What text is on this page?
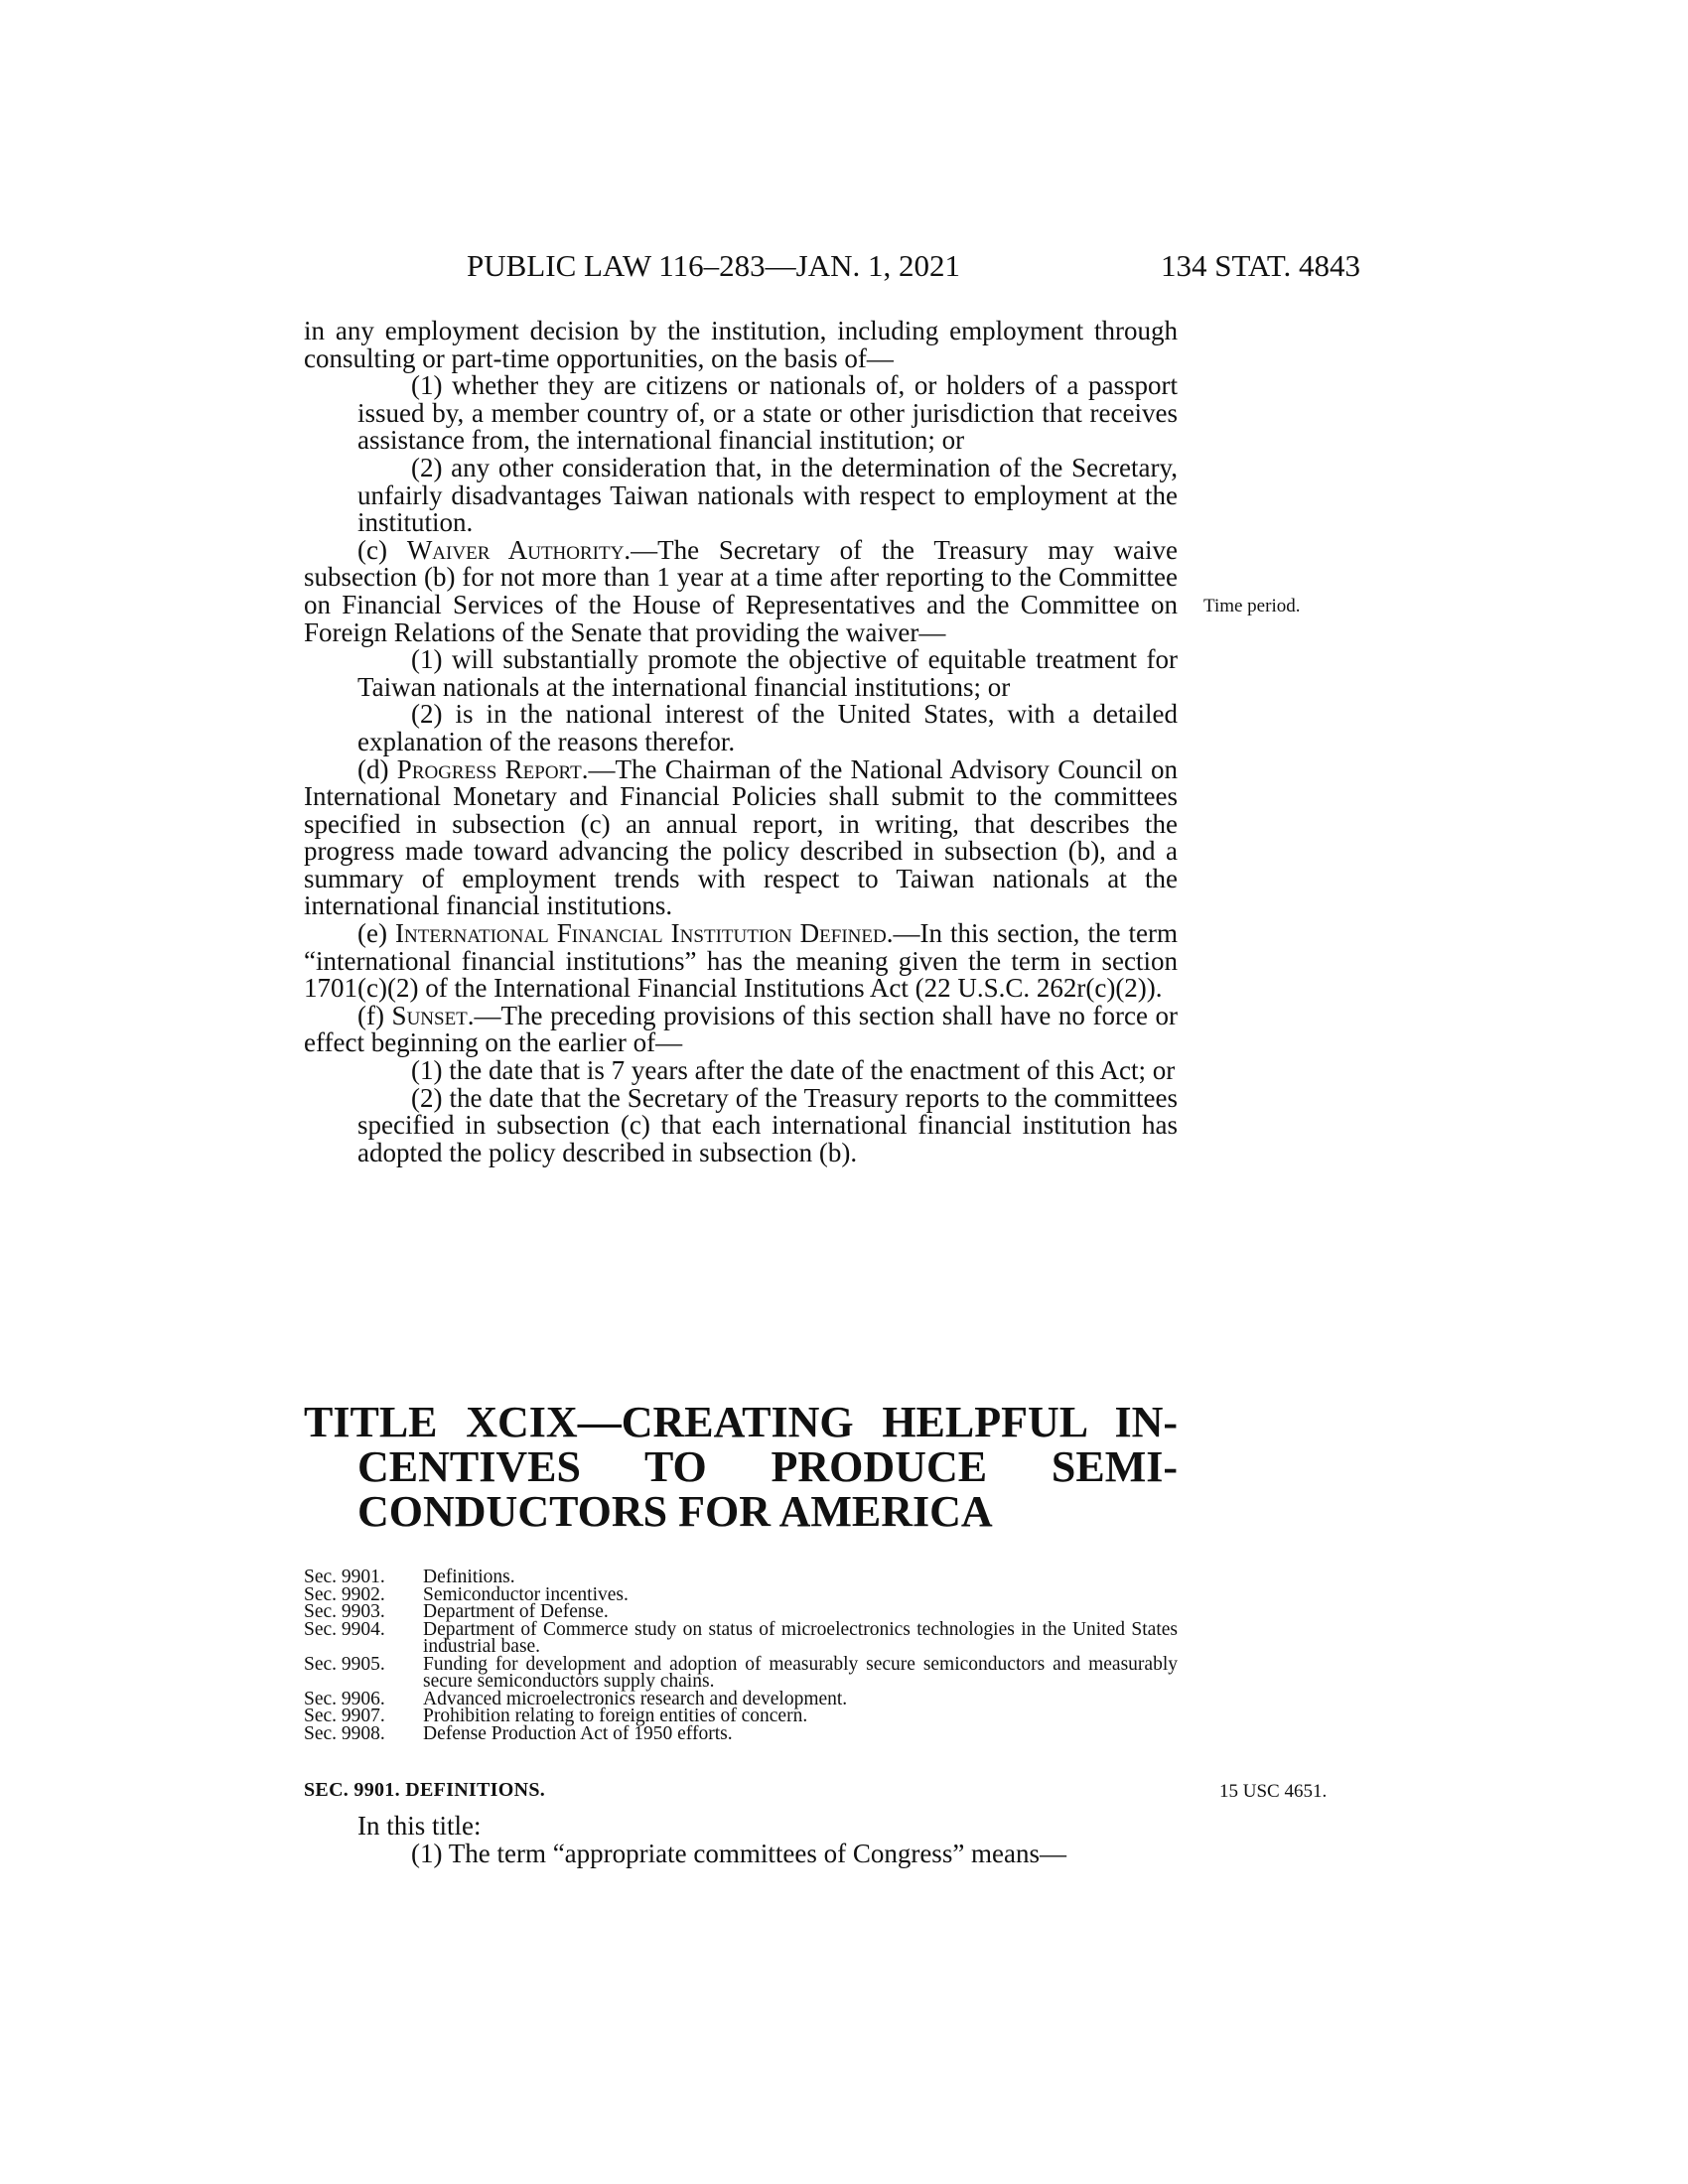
PUBLIC LAW 116–283—JAN. 1, 2021	134 STAT. 4843

in any employment decision by the institution, including employment through consulting or part-time opportunities, on the basis of—

(1) whether they are citizens or nationals of, or holders of a passport issued by, a member country of, or a state or other jurisdiction that receives assistance from, the international financial institution; or

(2) any other consideration that, in the determination of the Secretary, unfairly disadvantages Taiwan nationals with respect to employment at the institution.

(c) Waiver Authority.—The Secretary of the Treasury may waive subsection (b) for not more than 1 year at a time after reporting to the Committee on Financial Services of the House of Representatives and the Committee on Foreign Relations of the Senate that providing the waiver—

(1) will substantially promote the objective of equitable treatment for Taiwan nationals at the international financial institutions; or

(2) is in the national interest of the United States, with a detailed explanation of the reasons therefor.

(d) Progress Report.—The Chairman of the National Advisory Council on International Monetary and Financial Policies shall submit to the committees specified in subsection (c) an annual report, in writing, that describes the progress made toward advancing the policy described in subsection (b), and a summary of employment trends with respect to Taiwan nationals at the international financial institutions.

(e) International Financial Institution Defined.—In this section, the term “international financial institutions” has the meaning given the term in section 1701(c)(2) of the International Financial Institutions Act (22 U.S.C. 262r(c)(2)).

(f) Sunset.—The preceding provisions of this section shall have no force or effect beginning on the earlier of—

(1) the date that is 7 years after the date of the enactment of this Act; or

(2) the date that the Secretary of the Treasury reports to the committees specified in subsection (c) that each international financial institution has adopted the policy described in subsection (b).

Time period.

TITLE XCIX—CREATING HELPFUL IN-

CENTIVES TO PRODUCE SEMI-

CONDUCTORS FOR AMERICA

Sec. 9901.	Definitions.
Sec. 9902.	Semiconductor incentives.
Sec. 9903.	Department of Defense.
Sec. 9904.	Department of Commerce study on status of microelectronics technologies in the United States industrial base.
Sec. 9905.	Funding for development and adoption of measurably secure semiconductors and measurably secure semiconductors supply chains.
Sec. 9906.	Advanced microelectronics research and development.
Sec. 9907.	Prohibition relating to foreign entities of concern.
Sec. 9908.	Defense Production Act of 1950 efforts.
SEC. 9901. DEFINITIONS.	15 USC 4651.

In this title:

(1) The term “appropriate committees of Congress” means—
